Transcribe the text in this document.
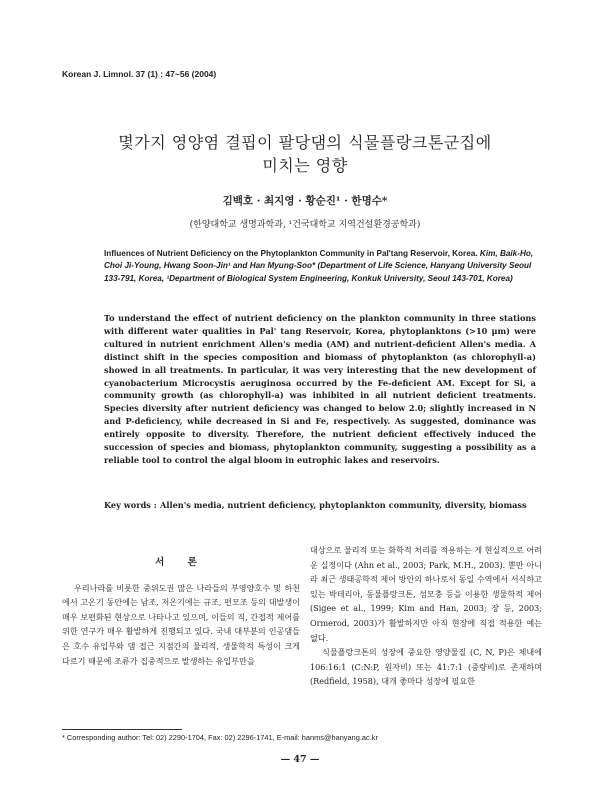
Korean J. Limnol. 37 (1) : 47~56 (2004)
몇가지 영양염 결핍이 팔당댐의 식물플랑크톤군집에
미치는 영향
김백호 · 최지영 · 황순진¹ · 한명수*
(한양대학교 생명과학과, ¹건국대학교 지역건설환경공학과)
Influences of Nutrient Deficiency on the Phytoplankton Community in Pal'tang Reservoir, Korea. Kim, Baik-Ho, Choi Ji-Young, Hwang Soon-Jin¹ and Han Myung-Soo* (Department of Life Science, Hanyang University Seoul 133-791, Korea, ¹Department of Biological System Engineering, Konkuk University, Seoul 143-701, Korea)
To understand the effect of nutrient deficiency on the plankton community in three stations with different water qualities in Pal' tang Reservoir, Korea, phytoplanktons (>10 μm) were cultured in nutrient enrichment Allen's media (AM) and nutrient-deficient Allen's media. A distinct shift in the species composition and biomass of phytoplankton (as chlorophyll-a) showed in all treatments. In particular, it was very interesting that the new development of cyanobacterium Microcystis aeruginosa occurred by the Fe-deficient AM. Except for Si, a community growth (as chlorophyll-a) was inhibited in all nutrient deficient treatments. Species diversity after nutrient deficiency was changed to below 2.0; slightly increased in N and P-deficiency, while decreased in Si and Fe, respectively. As suggested, dominance was entirely opposite to diversity. Therefore, the nutrient deficient effectively induced the succession of species and biomass, phytoplankton community, suggesting a possibility as a reliable tool to control the algal bloom in eutrophic lakes and reservoirs.
Key words : Allen's media, nutrient deficiency, phytoplankton community, diversity, biomass
서 론

우리나라를 비롯한 중위도권 많은 나라들의 부영양호수 및 하천에서 고온기 동안에는 남조, 저온기에는 규조, 편모조 등의 대발생이 매우 보편화된 현상으로 나타나고 있으며, 이들의 직, 간접적 제어를 위한 연구가 매우 활발하게 진행되고 있다. 국내 대부분의 인공댐들은 호수 유입부와 댐 접근 지점간의 물리적, 생물학적 특성이 크게 다르기 때문에 조류가 집중적으로 발생하는 유입부만을

대상으로 물리적 또는 화학적 처리를 적용하는 게 현실적으로 어려운 실정이다 (Ahn et al., 2003; Park, M.H., 2003). 뿐만 아니라 최근 생태공학적 제어 방안의 하나로서 동일 수역에서 서식하고 있는 박테리아, 동물플랑크톤, 섬모충 등을 이용한 생물학적 제어 (Sigee et al., 1999; Kim and Han, 2003; 장 등, 2003; Ormerod, 2003)가 활발하지만 아직 현장에 직접 적용한 예는 없다.

식물플랑크톤의 성장에 중요한 영양물질 (C, N, P)은 체내에 106:16:1 (C:N:P, 원자비) 또는 41:7:1 (중량비)로 존재하며 (Redfield, 1958), 대개 좋마다 성장에 필요한

* Corresponding author: Tel: 02) 2290-1704, Fax: 02) 2296-1741, E-mail: hanms@hanyang.ac.kr
— 47 —
